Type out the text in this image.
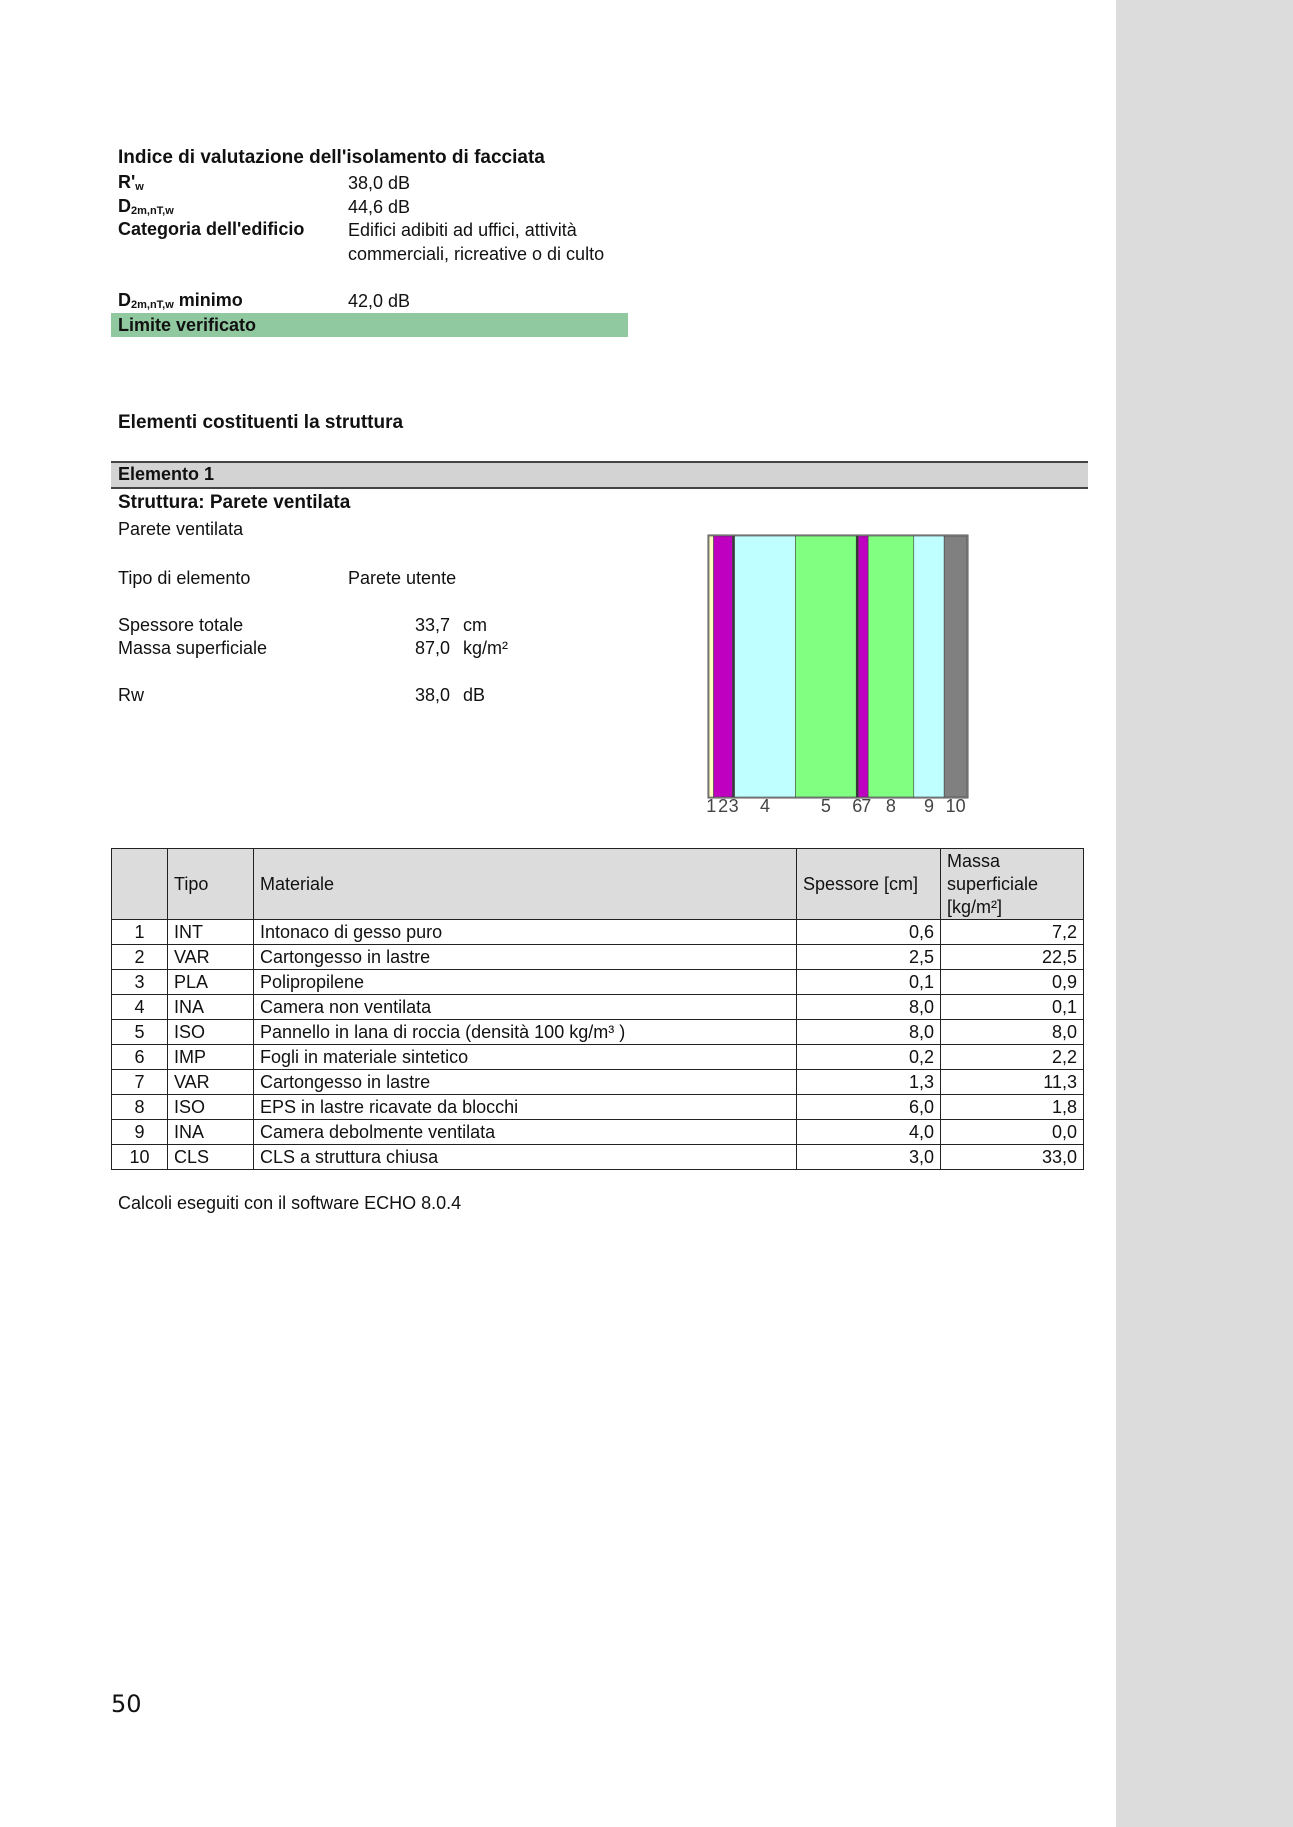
Indice di valutazione dell'isolamento di facciata
$R'_w$	38,0 dB
$D_{2m,nT,w}$	44,6 dB
Categoria dell'edificio Edifici adibiti ad uffici, attività commerciali, ricreative o di culto
$D_{2m,nT,w}$ minimo	42,0 dB
Limite verificato
Elementi costituenti la struttura
Elemento 1
Struttura: Parete ventilata
Parete ventilata
Tipo di elemento	Parete utente
Spessore totale	33,7 cm
Massa superficiale	87,0 kg/m²
Rw	38,0 dB
1 2 3 4	5 6
7 8 9 10
	Tipo	Materiale	Spessore [cm]	Massa superficiale [kg/m²]
1	INT	Intonaco di gesso puro	0,6	7,2
2	VAR	Cartongesso in lastre	2,5	22,5
3	PLA	Polipropilene	0,1	0,9
4	INA	Camera non ventilata	8,0	0,1
5	ISO	Pannello in lana di roccia (densità 100 kg/m³ )	8,0	8,0
6	IMP	Fogli in materiale sintetico	0,2	2,2
7	VAR	Cartongesso in lastre	1,3	11,3
8	ISO	EPS in lastre ricavate da blocchi	6,0	1,8
9	INA	Camera debolmente ventilata	4,0	0,0
10	CLS	CLS a struttura chiusa	3,0	33,0
Calcoli eseguiti con il software ECHO 8.0.4
50
